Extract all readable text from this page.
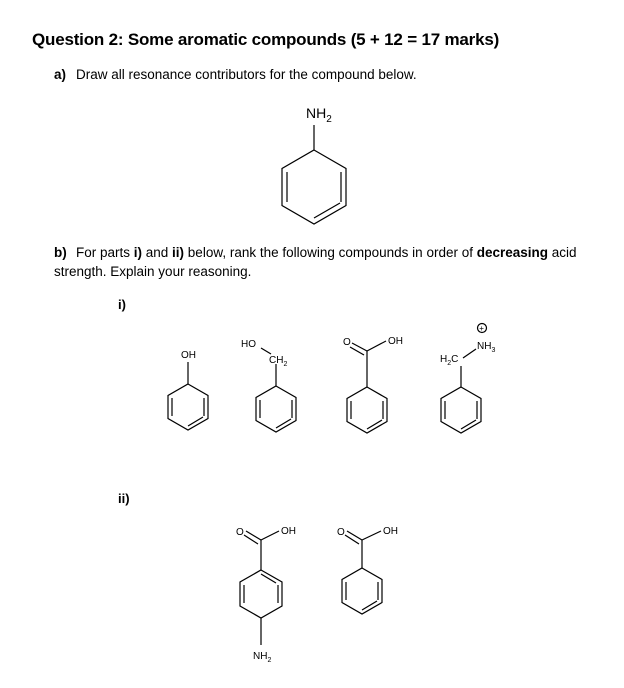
Question 2: Some aromatic compounds (5 + 12 = 17 marks)
a) Draw all resonance contributors for the compound below.
b) For parts i) and ii) below, rank the following compounds in order of decreasing acid strength. Explain your reasoning.
i)
ii)
$NH_2$
OH
HO
$CH_2$
O	OH
+
$NH_3$
$H_2C$
O	OH
$NH_2$
O	OH
